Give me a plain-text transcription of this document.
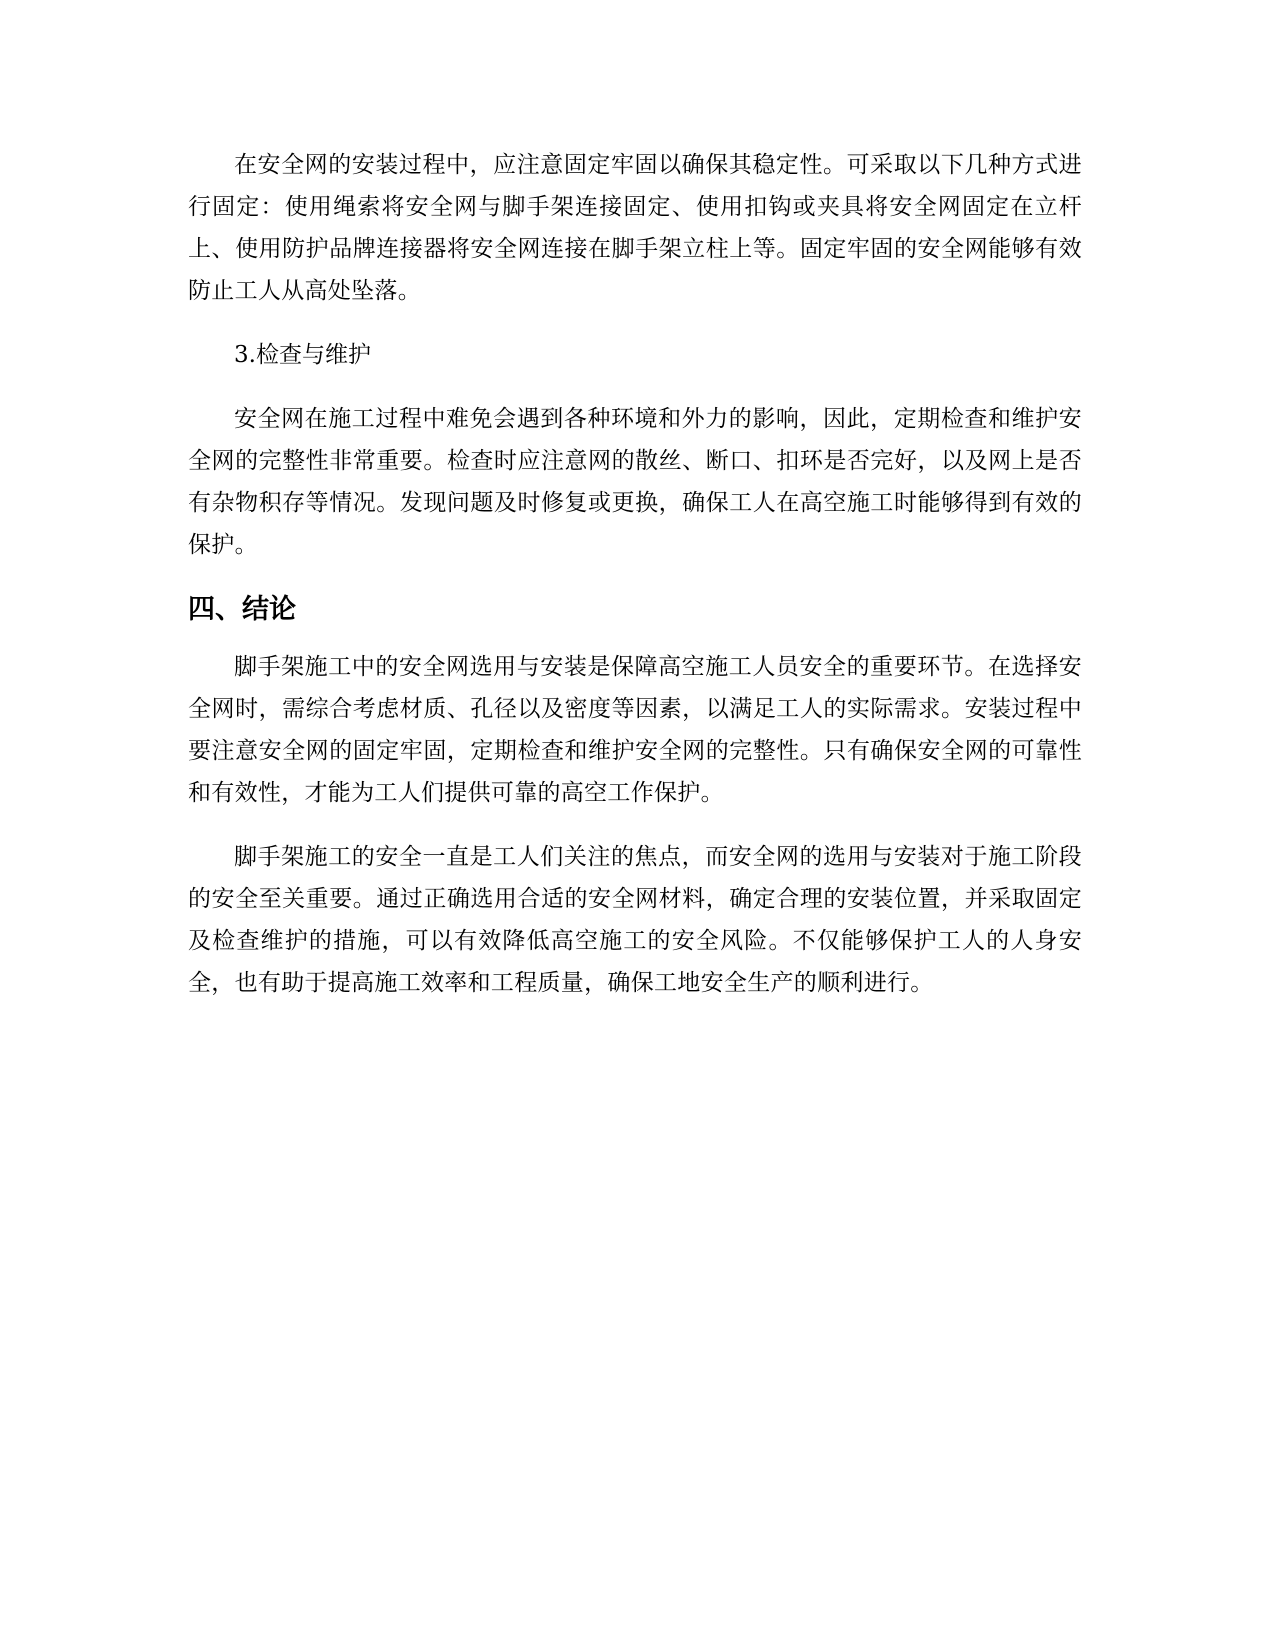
在安全网的安装过程中，应注意固定牢固以确保其稳定性。可采取以下几种方式进行固定：使用绳索将安全网与脚手架连接固定、使用扣钩或夹具将安全网固定在立杆上、使用防护品牌连接器将安全网连接在脚手架立柱上等。固定牢固的安全网能够有效防止工人从高处坠落。

3.检查与维护

安全网在施工过程中难免会遇到各种环境和外力的影响，因此，定期检查和维护安全网的完整性非常重要。检查时应注意网的散丝、断口、扣环是否完好，以及网上是否有杂物积存等情况。发现问题及时修复或更换，确保工人在高空施工时能够得到有效的保护。

四、结论

脚手架施工中的安全网选用与安装是保障高空施工人员安全的重要环节。在选择安全网时，需综合考虑材质、孔径以及密度等因素，以满足工人的实际需求。安装过程中要注意安全网的固定牢固，定期检查和维护安全网的完整性。只有确保安全网的可靠性和有效性，才能为工人们提供可靠的高空工作保护。

脚手架施工的安全一直是工人们关注的焦点，而安全网的选用与安装对于施工阶段的安全至关重要。通过正确选用合适的安全网材料，确定合理的安装位置，并采取固定及检查维护的措施，可以有效降低高空施工的安全风险。不仅能够保护工人的人身安全，也有助于提高施工效率和工程质量，确保工地安全生产的顺利进行。
